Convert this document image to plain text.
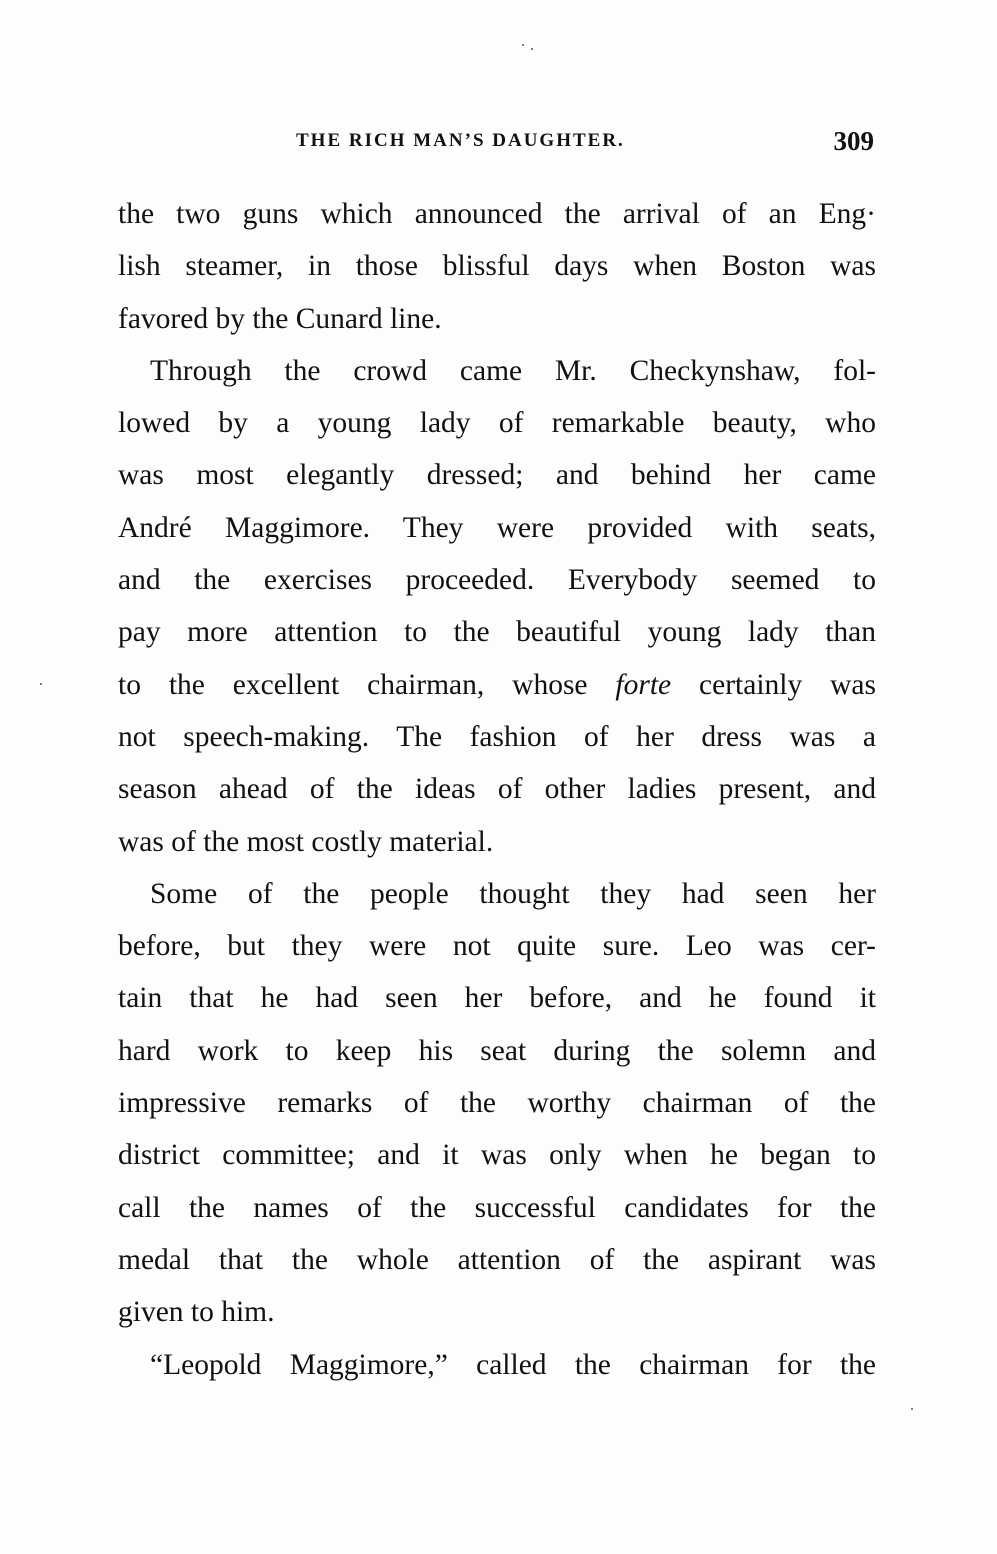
THE RICH MAN’S DAUGHTER.	309
the two guns which announced the arrival of an Eng·
lish steamer, in those blissful days when Boston was
favored by the Cunard line.
Through the crowd came Mr. Checkynshaw, fol-
lowed by a young lady of remarkable beauty, who
was most elegantly dressed; and behind her came
André Maggimore. They were provided with seats,
and the exercises proceeded. Everybody seemed to
pay more attention to the beautiful young lady than
to the excellent chairman, whose forte certainly was
not speech-making. The fashion of her dress was a
season ahead of the ideas of other ladies present, and
was of the most costly material.
Some of the people thought they had seen her
before, but they were not quite sure. Leo was cer-
tain that he had seen her before, and he found it
hard work to keep his seat during the solemn and
impressive remarks of the worthy chairman of the
district committee; and it was only when he began to
call the names of the successful candidates for the
medal that the whole attention of the aspirant was
given to him.
“Leopold Maggimore,” called the chairman for the
